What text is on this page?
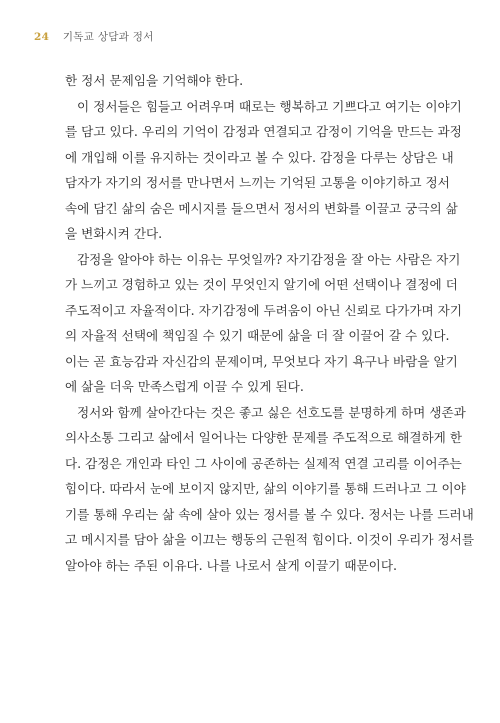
24 기독교 상담과 정서
한 정서 문제임을 기억해야 한다.
이 정서들은 힘들고 어려우며 때로는 행복하고 기쁘다고 여기는 이야기
를 담고 있다. 우리의 기억이 감정과 연결되고 감정이 기억을 만드는 과정
에 개입해 이를 유지하는 것이라고 볼 수 있다. 감정을 다루는 상담은 내
담자가 자기의 정서를 만나면서 느끼는 기억된 고통을 이야기하고 정서
속에 담긴 삶의 숨은 메시지를 들으면서 정서의 변화를 이끌고 궁극의 삶
을 변화시켜 간다.
감정을 알아야 하는 이유는 무엇일까? 자기감정을 잘 아는 사람은 자기
가 느끼고 경험하고 있는 것이 무엇인지 알기에 어떤 선택이나 결정에 더
주도적이고 자율적이다. 자기감정에 두려움이 아닌 신뢰로 다가가며 자기
의 자율적 선택에 책임질 수 있기 때문에 삶을 더 잘 이끌어 갈 수 있다.
이는 곧 효능감과 자신감의 문제이며, 무엇보다 자기 욕구나 바람을 알기
에 삶을 더욱 만족스럽게 이끌 수 있게 된다.
정서와 함께 살아간다는 것은 좋고 싫은 선호도를 분명하게 하며 생존과
의사소통 그리고 삶에서 일어나는 다양한 문제를 주도적으로 해결하게 한
다. 감정은 개인과 타인 그 사이에 공존하는 실제적 연결 고리를 이어주는
힘이다. 따라서 눈에 보이지 않지만, 삶의 이야기를 통해 드러나고 그 이야
기를 통해 우리는 삶 속에 살아 있는 정서를 볼 수 있다. 정서는 나를 드러내
고 메시지를 담아 삶을 이끄는 행동의 근원적 힘이다. 이것이 우리가 정서를
알아야 하는 주된 이유다. 나를 나로서 살게 이끌기 때문이다.
